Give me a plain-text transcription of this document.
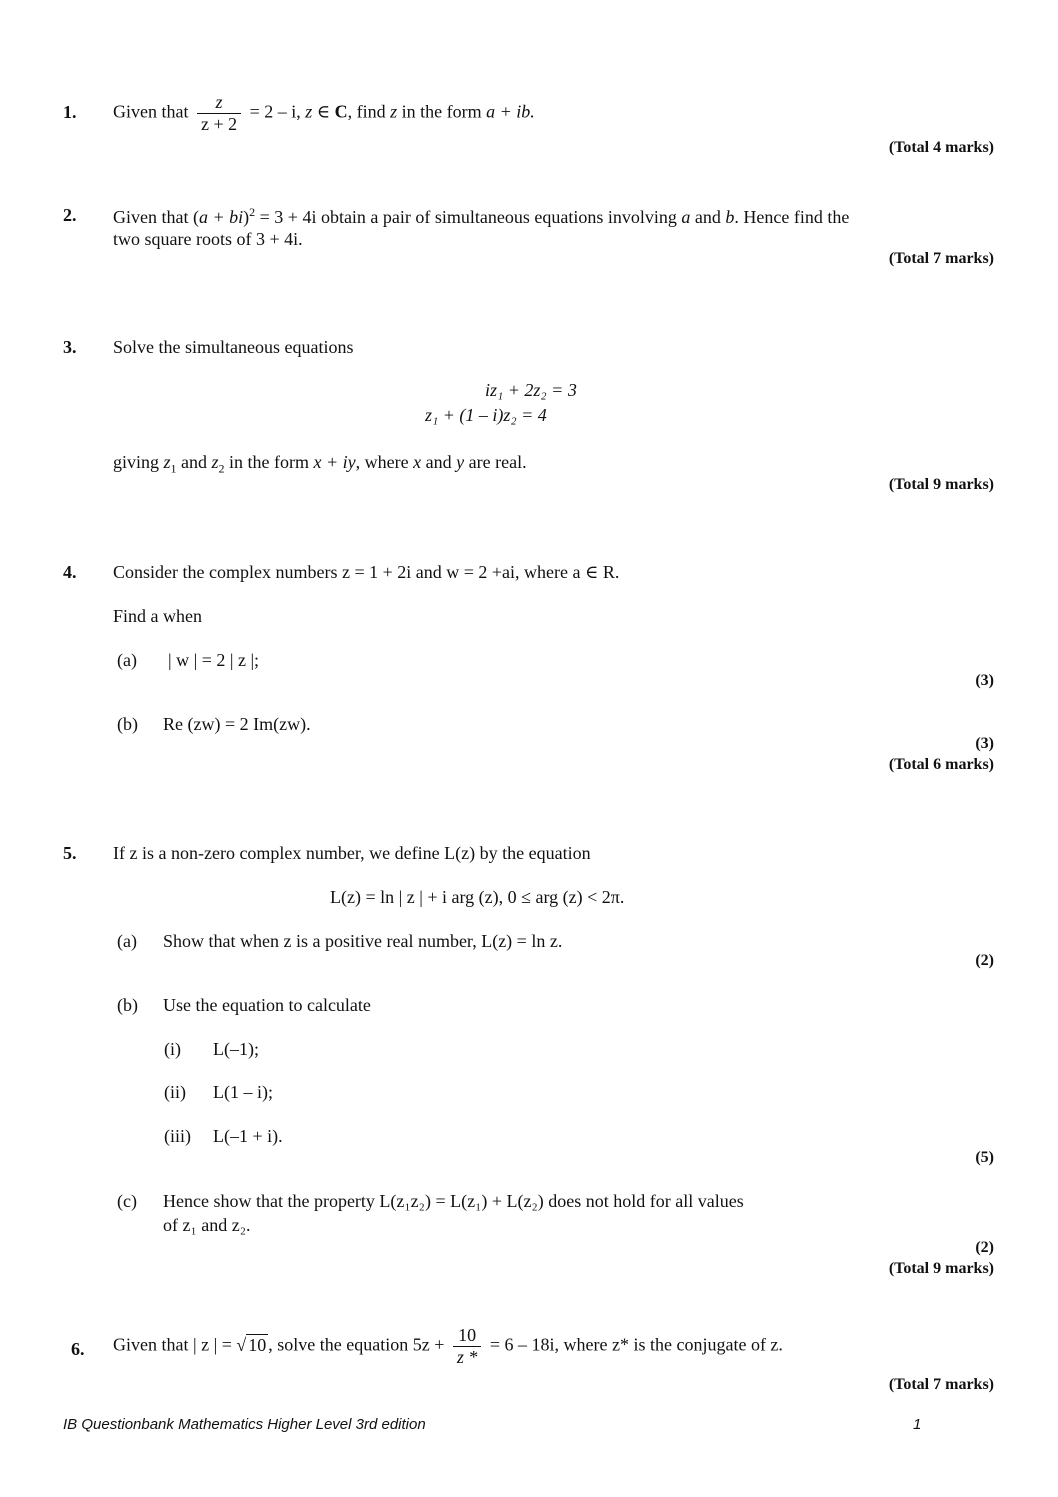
1. Given that $\frac{z}{z + 2} = 2 - i$, z ∈ C, find z in the form a + ib.
(Total 4 marks)
2. Given that (a + bi)$^2$ = 3 + 4i obtain a pair of simultaneous equations involving a and b. Hence find the
two square roots of 3 + 4i.
(Total 7 marks)
3. Solve the simultaneous equations
iz₁ + 2z₂ = 3
z₁ + (1 – i)z₂ = 4
giving $z_1$ and $z_2$ in the form x + iy, where x and y are real.
(Total 9 marks)
4. Consider the complex numbers z = 1 + 2i and w = 2 +ai, where a ∈ R.
Find a when
(a) | w | = 2 | z |;
(3)
(b) Re (zw) = 2 Im(zw).
(3)
(Total 6 marks)
5. If z is a non-zero complex number, we define L(z) by the equation
L(z) = ln | z | + i arg (z), 0 ≤ arg (z) < 2π.
(a) Show that when z is a positive real number, L(z) = ln z.
(2)
(b) Use the equation to calculate
(i) L(–1);
(ii) L(1 – i);
(iii) L(–1 + i).
(5)
(c) Hence show that the property L(z₁z₂) = L(z₁) + L(z₂) does not hold for all values
of z₁ and z₂.
(2)
(Total 9 marks)
6. Given that | z | = √ 10 , solve the equation $5z + \frac{10}{z *} = 6 - 18i$, where z* is the conjugate of z.
(Total 7 marks)
IB Questionbank Mathematics Higher Level 3rd edition	1
